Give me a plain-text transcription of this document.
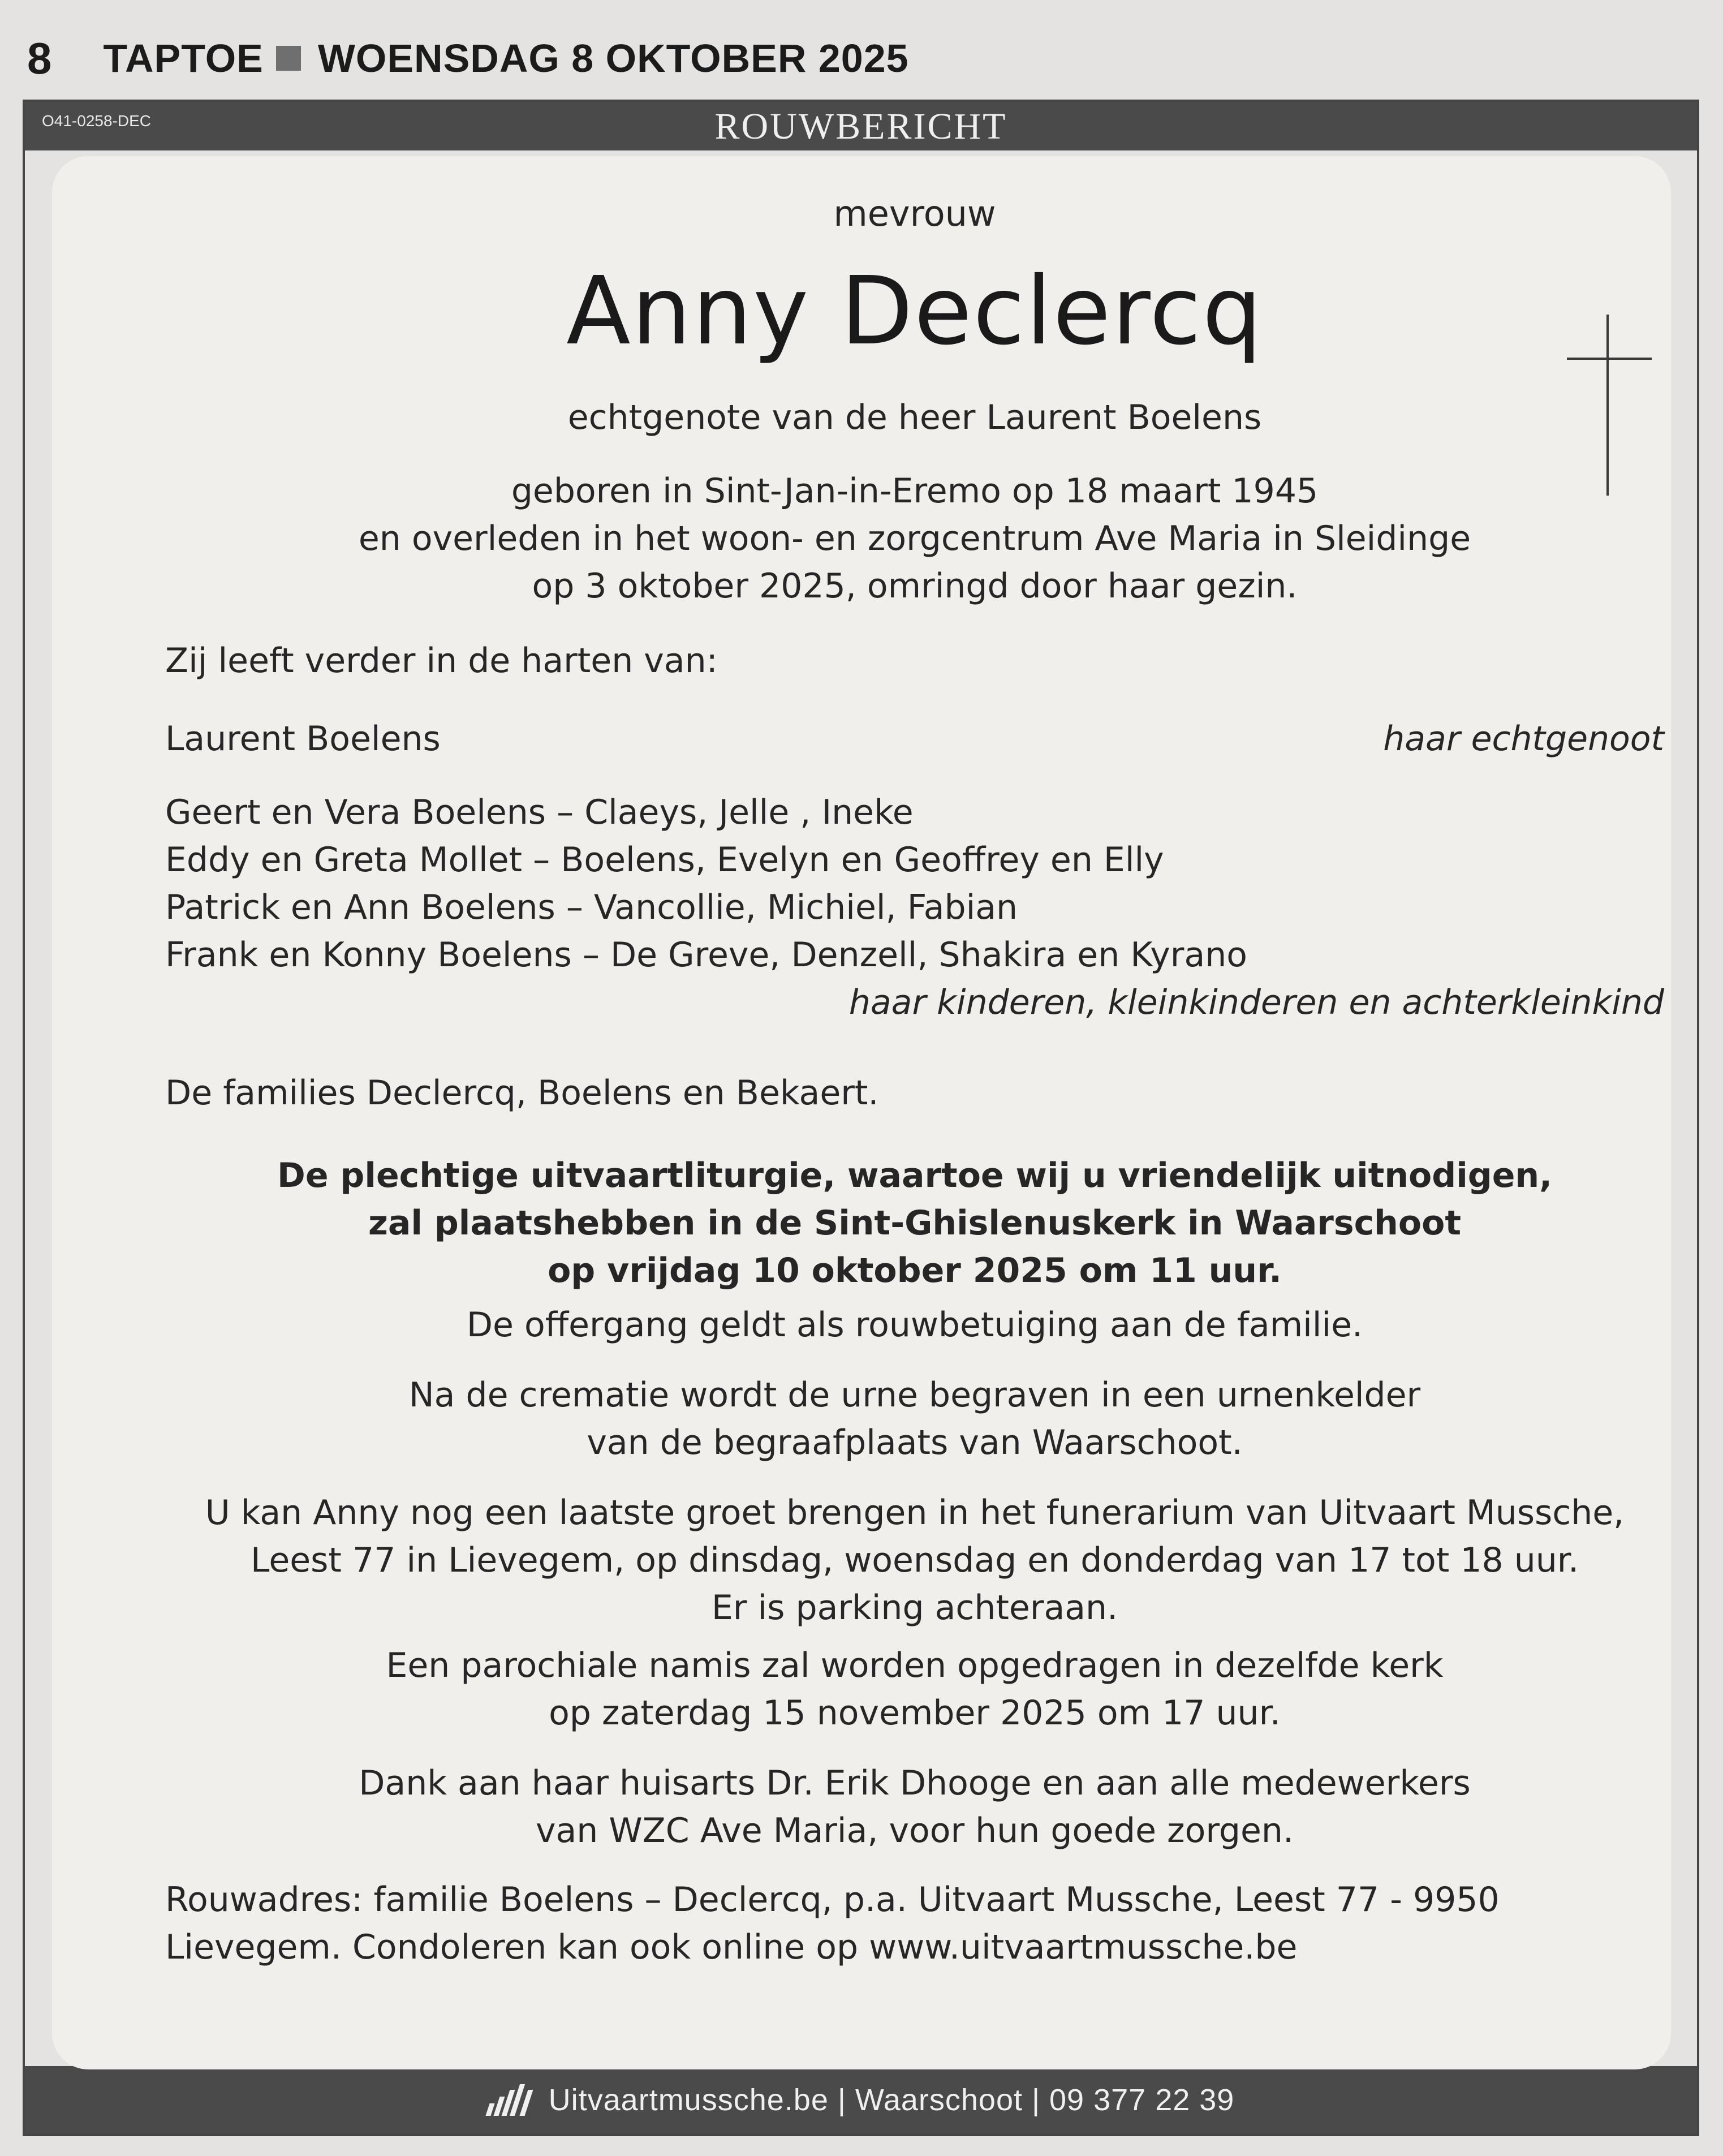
8 TAPTOE WOENSDAG 8 OKTOBER 2025
O41-0258-DEC	ROUWBERICHT
Uitvaartmussche.be | Waarschoot | 09 377 22 39
mevrouw
Anny Declercq
echtgenote van de heer Laurent Boelens
geboren in Sint-Jan-in-Eremo op 18 maart 1945
en overleden in het woon- en zorgcentrum Ave Maria in Sleidinge
op 3 oktober 2025, omringd door haar gezin.
Zij leeft verder in de harten van:
Laurent Boelens	haar echtgenoot
Geert en Vera Boelens – Claeys, Jelle , Ineke
Eddy en Greta Mollet – Boelens, Evelyn en Geoffrey en Elly
Patrick en Ann Boelens – Vancollie, Michiel, Fabian
Frank en Konny Boelens – De Greve, Denzell, Shakira en Kyrano
haar kinderen, kleinkinderen en achterkleinkind
De families Declercq, Boelens en Bekaert.
De plechtige uitvaartliturgie, waartoe wij u vriendelijk uitnodigen,
zal plaatshebben in de Sint-Ghislenuskerk in Waarschoot
op vrijdag 10 oktober 2025 om 11 uur.
De offergang geldt als rouwbetuiging aan de familie.
Na de crematie wordt de urne begraven in een urnenkelder
van de begraafplaats van Waarschoot.
U kan Anny nog een laatste groet brengen in het funerarium van Uitvaart Mussche,
Leest 77 in Lievegem, op dinsdag, woensdag en donderdag van 17 tot 18 uur.
Er is parking achteraan.
Een parochiale namis zal worden opgedragen in dezelfde kerk
op zaterdag 15 november 2025 om 17 uur.
Dank aan haar huisarts Dr. Erik Dhooge en aan alle medewerkers
van WZC Ave Maria, voor hun goede zorgen.
Rouwadres: familie Boelens – Declercq, p.a. Uitvaart Mussche, Leest 77 - 9950
Lievegem. Condoleren kan ook online op www.uitvaartmussche.be
